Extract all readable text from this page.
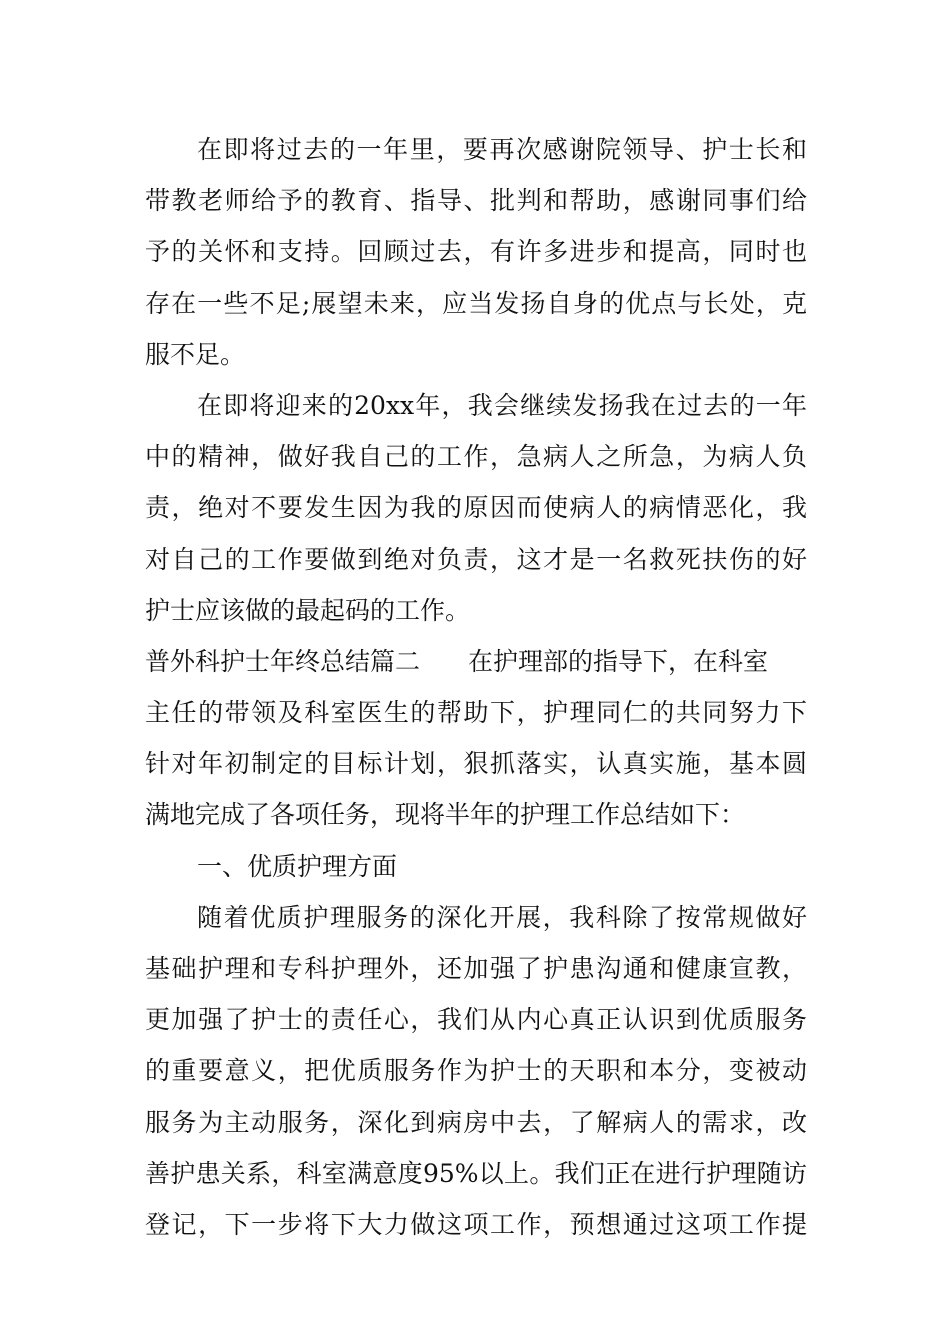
在即将过去的一年里，要再次感谢院领导、护士长和
带教老师给予的教育、指导、批判和帮助，感谢同事们给
予的关怀和支持。回顾过去，有许多进步和提高，同时也
存在一些不足;展望未来，应当发扬自身的优点与长处，克
服不足。
在即将迎来的20xx年，我会继续发扬我在过去的一年
中的精神，做好我自己的工作，急病人之所急，为病人负
责，绝对不要发生因为我的原因而使病人的病情恶化，我
对自己的工作要做到绝对负责，这才是一名救死扶伤的好
护士应该做的最起码的工作。
普外科护士年终总结篇二 在护理部的指导下，在科室
主任的带领及科室医生的帮助下，护理同仁的共同努力下
针对年初制定的目标计划，狠抓落实，认真实施，基本圆
满地完成了各项任务，现将半年的护理工作总结如下：
一、优质护理方面
随着优质护理服务的深化开展，我科除了按常规做好
基础护理和专科护理外，还加强了护患沟通和健康宣教，
更加强了护士的责任心，我们从内心真正认识到优质服务
的重要意义，把优质服务作为护士的天职和本分，变被动
服务为主动服务，深化到病房中去，了解病人的需求，改
善护患关系，科室满意度95%以上。我们正在进行护理随访
登记，下一步将下大力做这项工作，预想通过这项工作提
